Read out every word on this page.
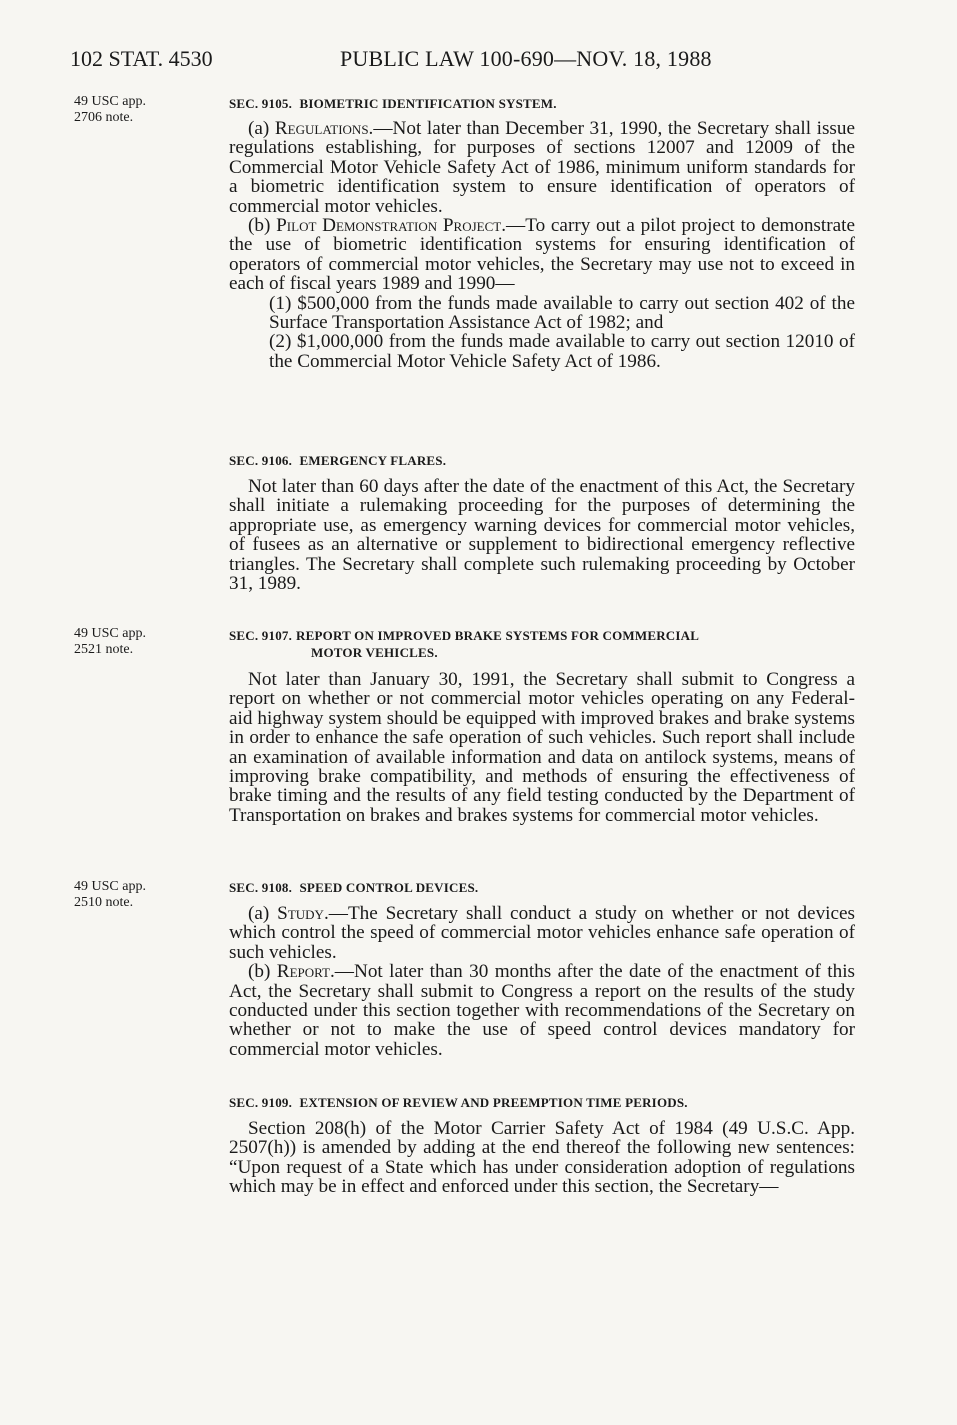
102 STAT. 4530	PUBLIC LAW 100-690—NOV. 18, 1988
49 USC app.
2706 note.
49 USC app.
2521 note.
49 USC app.
2510 note.
SEC. 9105. BIOMETRIC IDENTIFICATION SYSTEM.

(a) Regulations.—Not later than December 31, 1990, the Secretary shall issue regulations establishing, for purposes of sections 12007 and 12009 of the Commercial Motor Vehicle Safety Act of 1986, minimum uniform standards for a biometric identification system to ensure identification of operators of commercial motor vehicles.

(b) Pilot Demonstration Project.—To carry out a pilot project to demonstrate the use of biometric identification systems for ensuring identification of operators of commercial motor vehicles, the Secretary may use not to exceed in each of fiscal years 1989 and 1990—

(1) $500,000 from the funds made available to carry out section 402 of the Surface Transportation Assistance Act of 1982; and

(2) $1,000,000 from the funds made available to carry out section 12010 of the Commercial Motor Vehicle Safety Act of 1986.

SEC. 9106. EMERGENCY FLARES.

Not later than 60 days after the date of the enactment of this Act, the Secretary shall initiate a rulemaking proceeding for the purposes of determining the appropriate use, as emergency warning devices for commercial motor vehicles, of fusees as an alternative or supplement to bidirectional emergency reflective triangles. The Secretary shall complete such rulemaking proceeding by October 31, 1989.

SEC. 9107. REPORT ON IMPROVED BRAKE SYSTEMS FOR COMMERCIAL
MOTOR VEHICLES.

Not later than January 30, 1991, the Secretary shall submit to Congress a report on whether or not commercial motor vehicles operating on any Federal-aid highway system should be equipped with improved brakes and brake systems in order to enhance the safe operation of such vehicles. Such report shall include an examination of available information and data on antilock systems, means of improving brake compatibility, and methods of ensuring the effectiveness of brake timing and the results of any field testing conducted by the Department of Transportation on brakes and brakes systems for commercial motor vehicles.

SEC. 9108. SPEED CONTROL DEVICES.

(a) Study.—The Secretary shall conduct a study on whether or not devices which control the speed of commercial motor vehicles enhance safe operation of such vehicles.

(b) Report.—Not later than 30 months after the date of the enactment of this Act, the Secretary shall submit to Congress a report on the results of the study conducted under this section together with recommendations of the Secretary on whether or not to make the use of speed control devices mandatory for commercial motor vehicles.

SEC. 9109. EXTENSION OF REVIEW AND PREEMPTION TIME PERIODS.

Section 208(h) of the Motor Carrier Safety Act of 1984 (49 U.S.C. App. 2507(h)) is amended by adding at the end thereof the following new sentences: “Upon request of a State which has under consideration adoption of regulations which may be in effect and enforced under this section, the Secretary—
